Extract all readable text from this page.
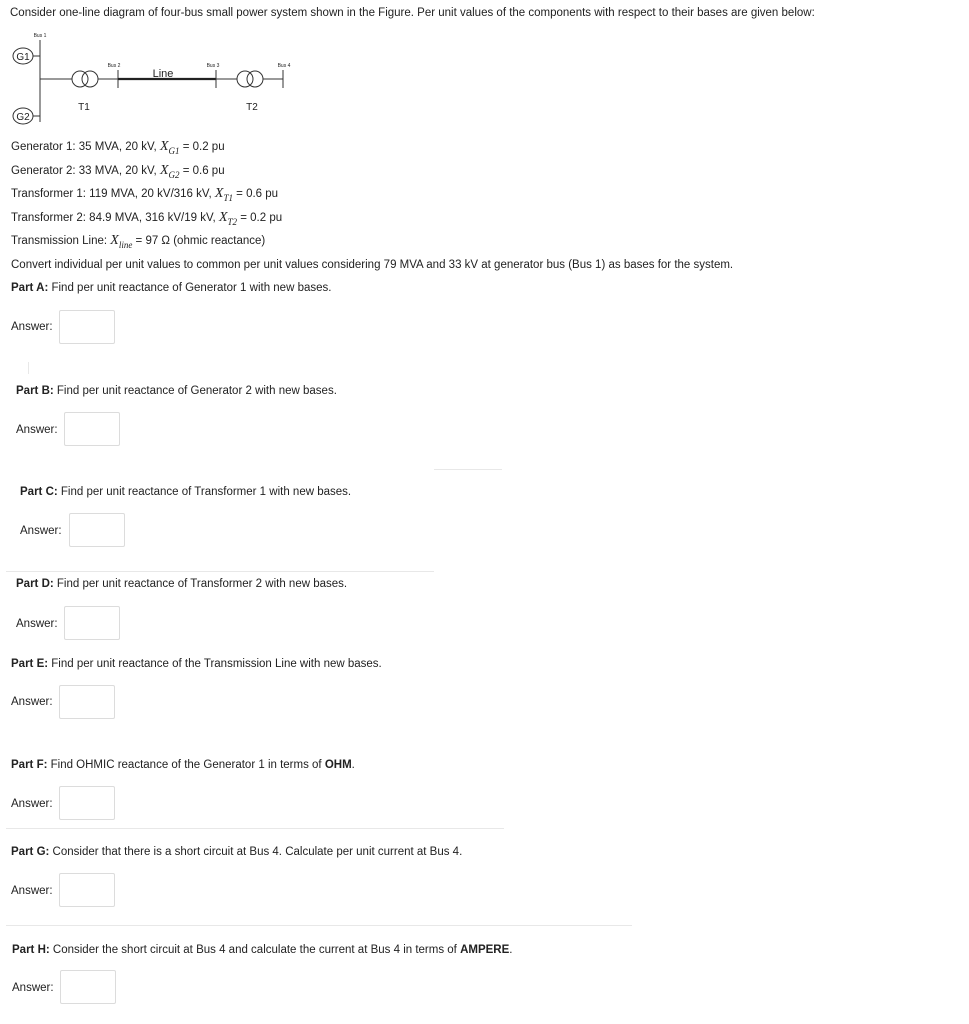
Consider one-line diagram of four-bus small power system shown in the Figure. Per unit values of the components with respect to their bases are given below:
G1
G2
Bus 1
Bus 2	Bus 3	Bus 4
Line
T1	T2
Generator 1: 35 MVA, 20 kV, $X_{G1} = 0.2$ pu
Generator 2: 33 MVA, 20 kV, $X_{G2} = 0.6$ pu
Transformer 1: 119 MVA, 20 kV/316 kV, $X_{T1} = 0.6$ pu
Transformer 2: 84.9 MVA, 316 kV/19 kV, $X_{T2} = 0.2$ pu
Transmission Line: $X_{line} = 97$ Ω (ohmic reactance)
Convert individual per unit values to common per unit values considering 79 MVA and 33 kV at generator bus (Bus 1) as bases for the system.
Part A: Find per unit reactance of Generator 1 with new bases.
Answer:
Part B: Find per unit reactance of Generator 2 with new bases.
Answer:
Part C: Find per unit reactance of Transformer 1 with new bases.
Answer:
Part D: Find per unit reactance of Transformer 2 with new bases.
Answer:
Part E: Find per unit reactance of the Transmission Line with new bases.
Answer:
Part F: Find OHMIC reactance of the Generator 1 in terms of OHM.
Answer:
Part G: Consider that there is a short circuit at Bus 4. Calculate per unit current at Bus 4.
Answer:
Part H: Consider the short circuit at Bus 4 and calculate the current at Bus 4 in terms of AMPERE.
Answer:
